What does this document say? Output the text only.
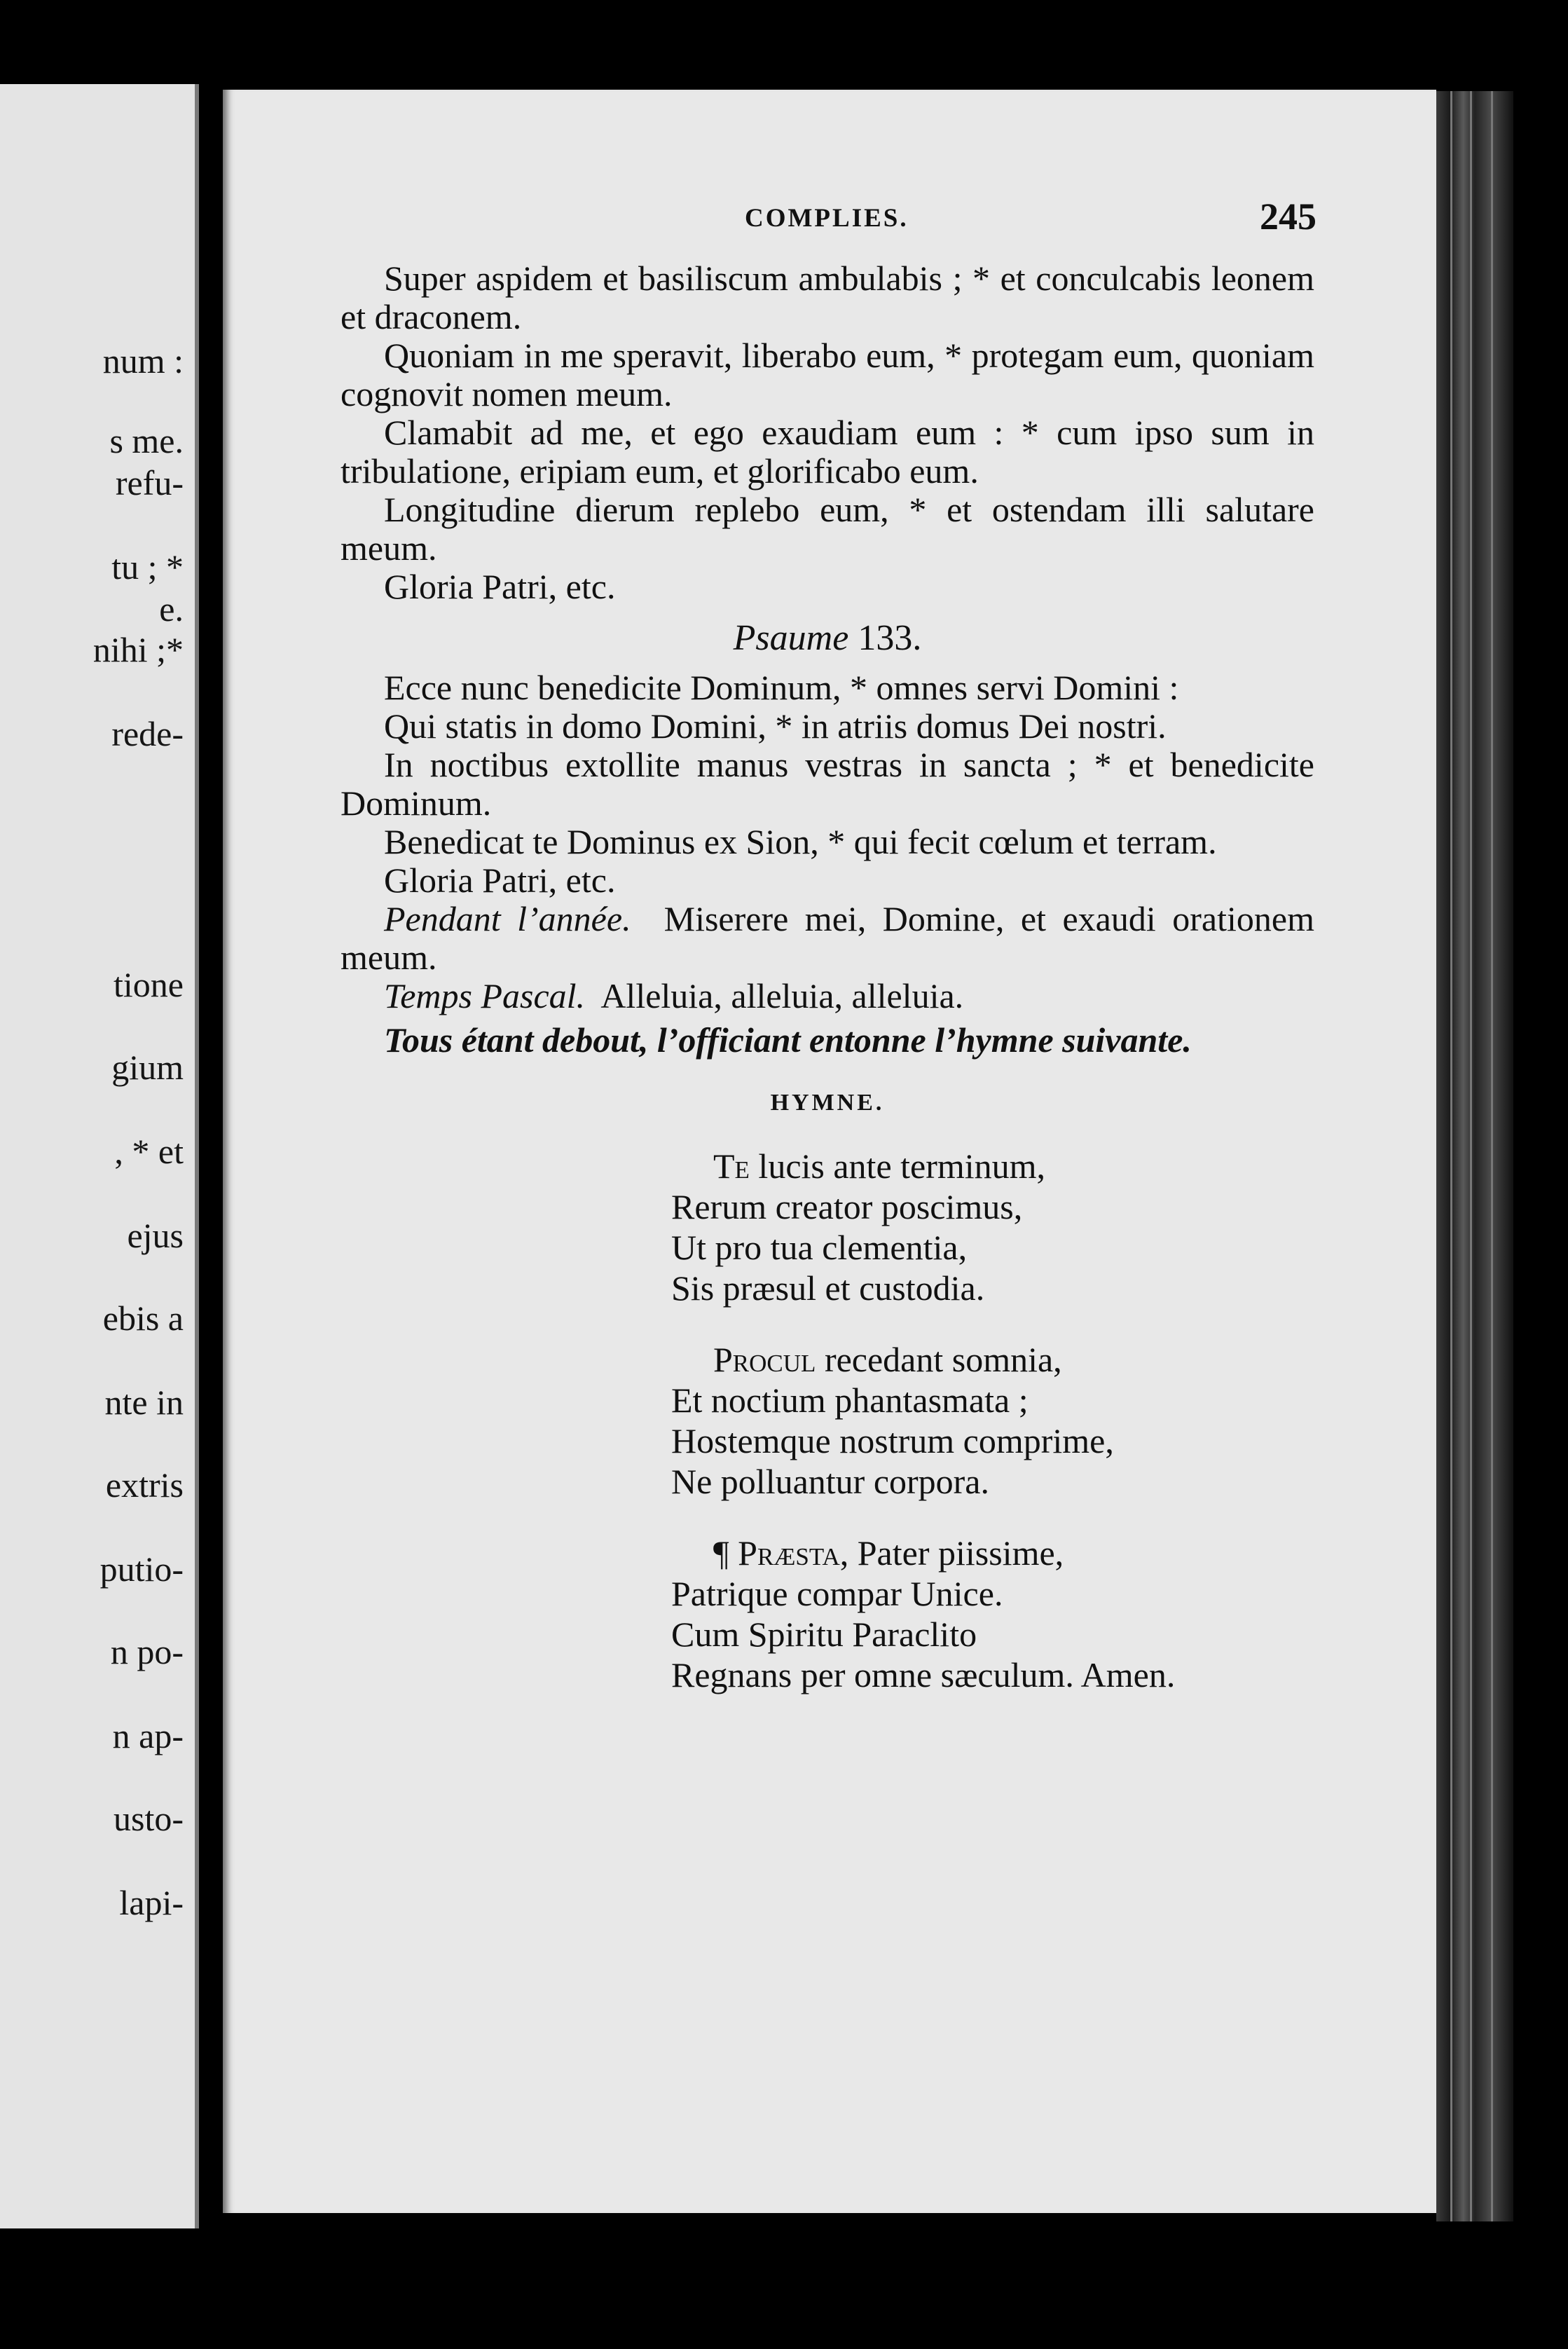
num :
s me.
refu-
tu ; *
e.
nihi ;*
rede-
tione
gium
, * et
ejus
ebis a
nte in
extris
putio-
n po-
n ap-
usto-
lapi-
COMPLIES.	245

Super aspidem et basiliscum ambulabis ; * et conculcabis leonem et draconem.

Quoniam in me speravit, liberabo eum, * protegam eum, quoniam cognovit nomen meum.

Clamabit ad me, et ego exaudiam eum : * cum ipso sum in tribulatione, eripiam eum, et glorificabo eum.

Longitudine dierum replebo eum, * et ostendam illi salutare meum.

Gloria Patri, etc.

Psaume 133.

Ecce nunc benedicite Dominum, * omnes servi Domini :

Qui statis in domo Domini, * in atriis domus Dei nostri.

In noctibus extollite manus vestras in sancta ; * et benedicite Dominum.

Benedicat te Dominus ex Sion, * qui fecit cœlum et terram.

Gloria Patri, etc.

Pendant l’année. Miserere mei, Domine, et exaudi orationem meum.

Temps Pascal. Alleluia, alleluia, alleluia.

Tous étant debout, l’officiant entonne l’hymne suivante.

HYMNE.

Te lucis ante terminum,

Rerum creator poscimus,

Ut pro tua clementia,

Sis præsul et custodia.

Procul recedant somnia,

Et noctium phantasmata ;

Hostemque nostrum comprime,

Ne polluantur corpora.

¶ Præsta, Pater piissime,

Patrique compar Unice.

Cum Spiritu Paraclito

Regnans per omne sæculum. Amen.
